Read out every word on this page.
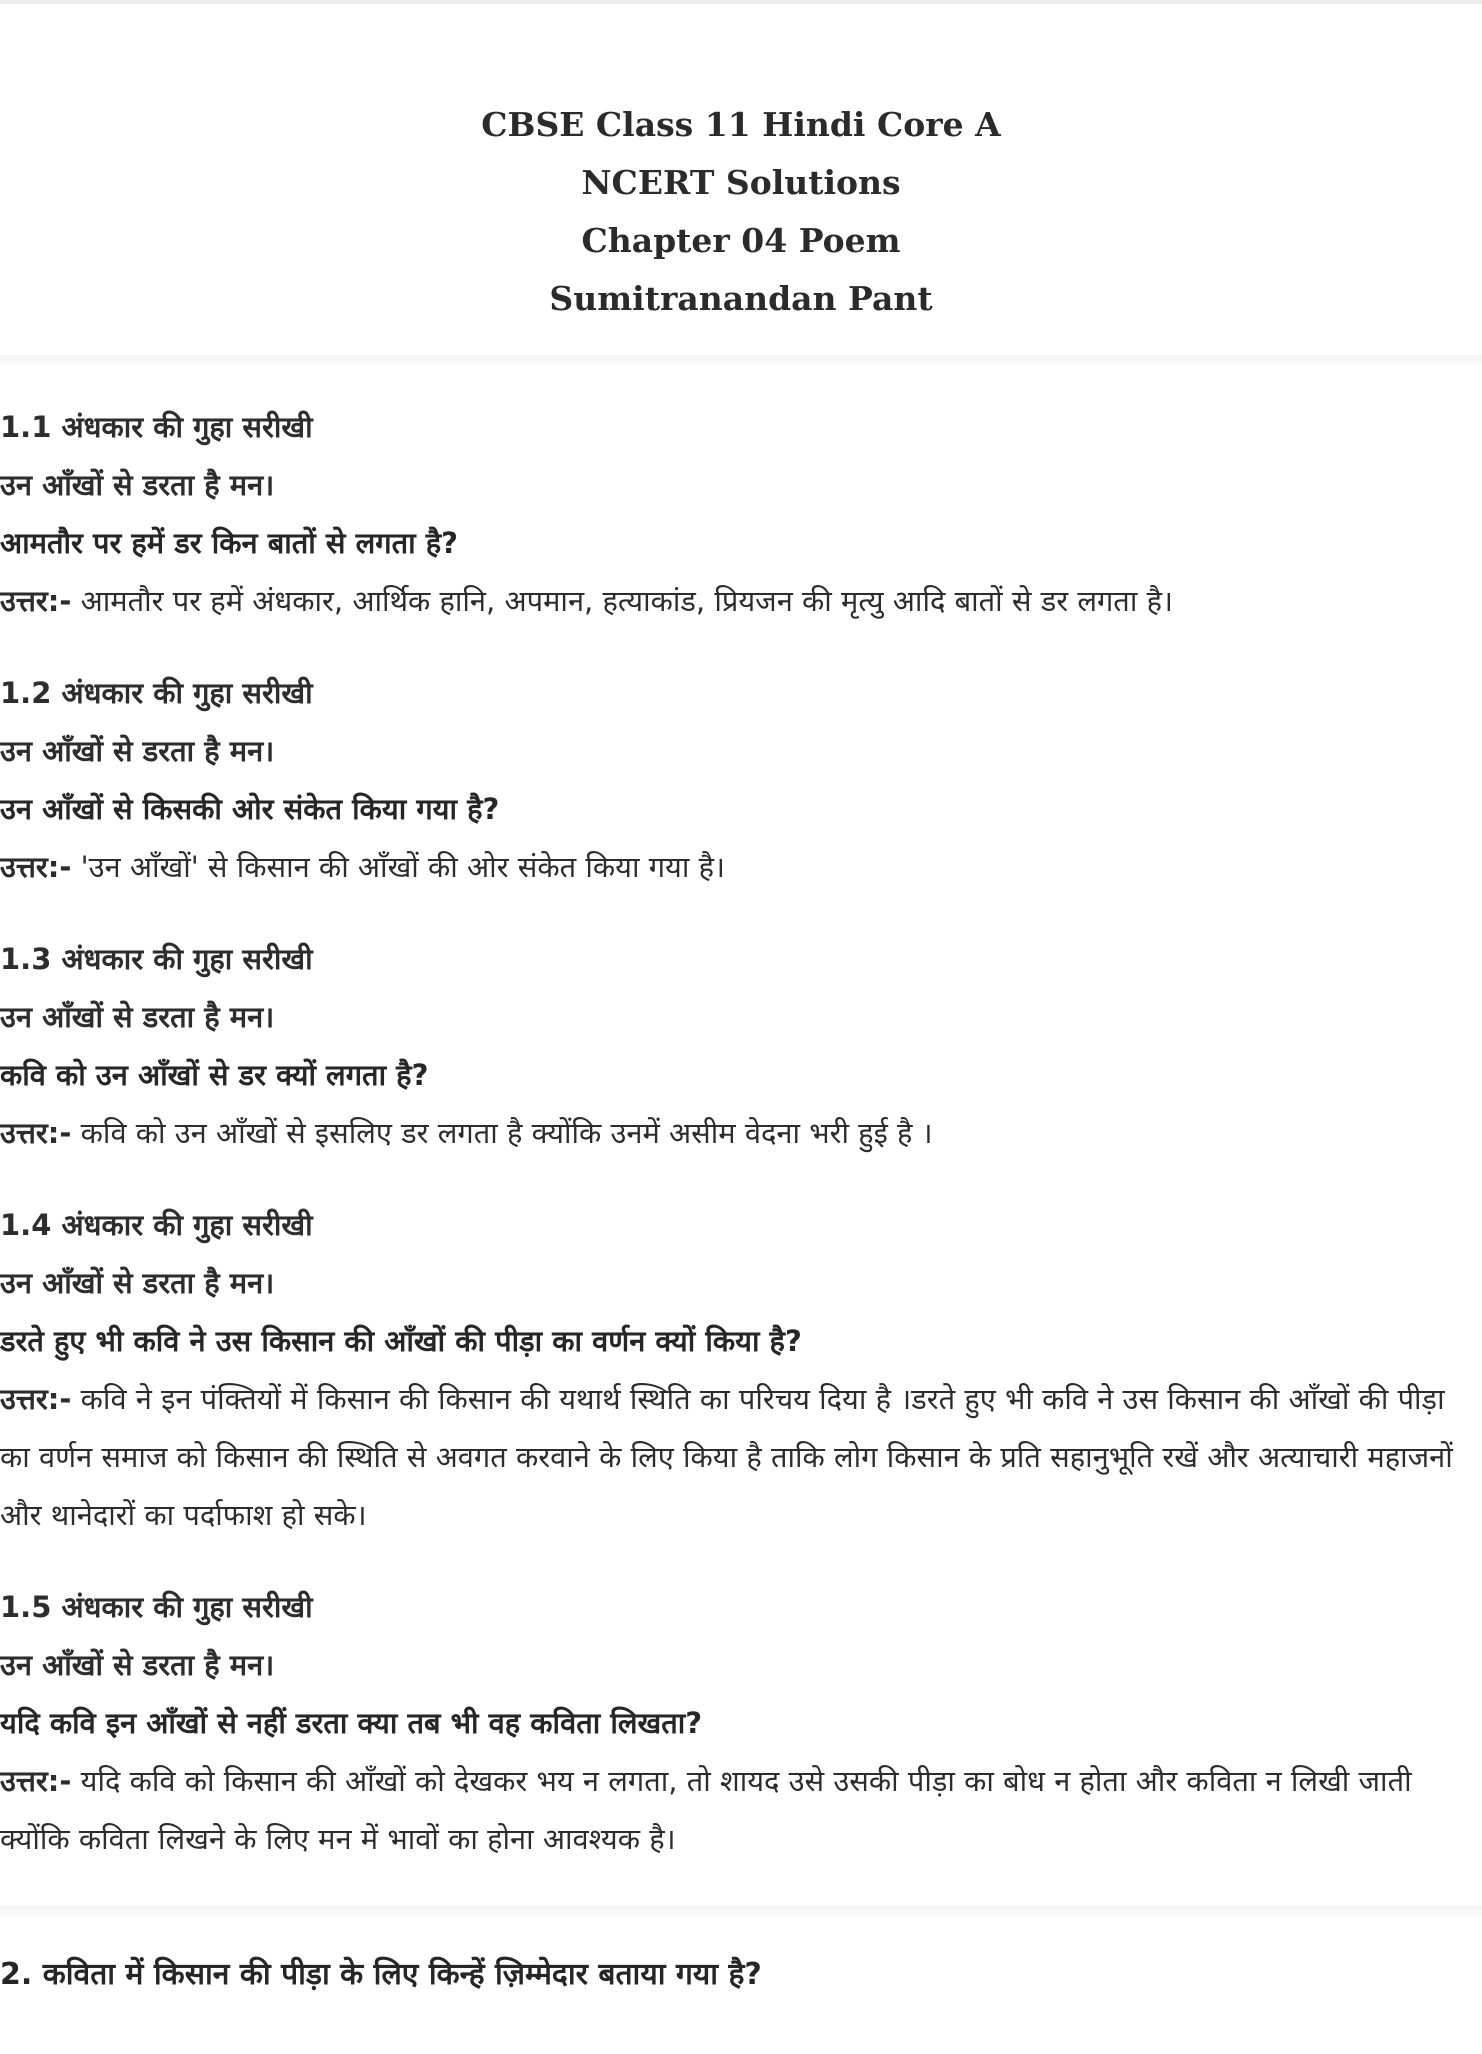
CBSE Class 11 Hindi Core A
NCERT Solutions
Chapter 04 Poem
Sumitranandan Pant
1.1 अंधकार की गुहा सरीखी
उन आँखों से डरता है मन।
आमतौर पर हमें डर किन बातों से लगता है?
उत्तर:- आमतौर पर हमें अंधकार, आर्थिक हानि, अपमान, हत्याकांड, प्रियजन की मृत्यु आदि बातों से डर लगता है।
1.2 अंधकार की गुहा सरीखी
उन आँखों से डरता है मन।
उन आँखों से किसकी ओर संकेत किया गया है?
उत्तर:- 'उन आँखों' से किसान की आँखों की ओर संकेत किया गया है।
1.3 अंधकार की गुहा सरीखी
उन आँखों से डरता है मन।
कवि को उन आँखों से डर क्यों लगता है?
उत्तर:- कवि को उन आँखों से इसलिए डर लगता है क्योंकि उनमें असीम वेदना भरी हुई है ।
1.4 अंधकार की गुहा सरीखी
उन आँखों से डरता है मन।
डरते हुए भी कवि ने उस किसान की आँखों की पीड़ा का वर्णन क्यों किया है?
उत्तर:- कवि ने इन पंक्तियों में किसान की किसान की यथार्थ स्थिति का परिचय दिया है ।डरते हुए भी कवि ने उस किसान की आँखों की पीड़ा का वर्णन समाज को किसान की स्थिति से अवगत करवाने के लिए किया है ताकि लोग किसान के प्रति सहानुभूति रखें और अत्याचारी महाजनों और थानेदारों का पर्दाफाश हो सके।
1.5 अंधकार की गुहा सरीखी
उन आँखों से डरता है मन।
यदि कवि इन आँखों से नहीं डरता क्या तब भी वह कविता लिखता?
उत्तर:- यदि कवि को किसान की आँखों को देखकर भय न लगता, तो शायद उसे उसकी पीड़ा का बोध न होता और कविता न लिखी जाती क्योंकि कविता लिखने के लिए मन में भावों का होना आवश्यक है।
2. कविता में किसान की पीड़ा के लिए किन्हें ज़िम्मेदार बताया गया है?
